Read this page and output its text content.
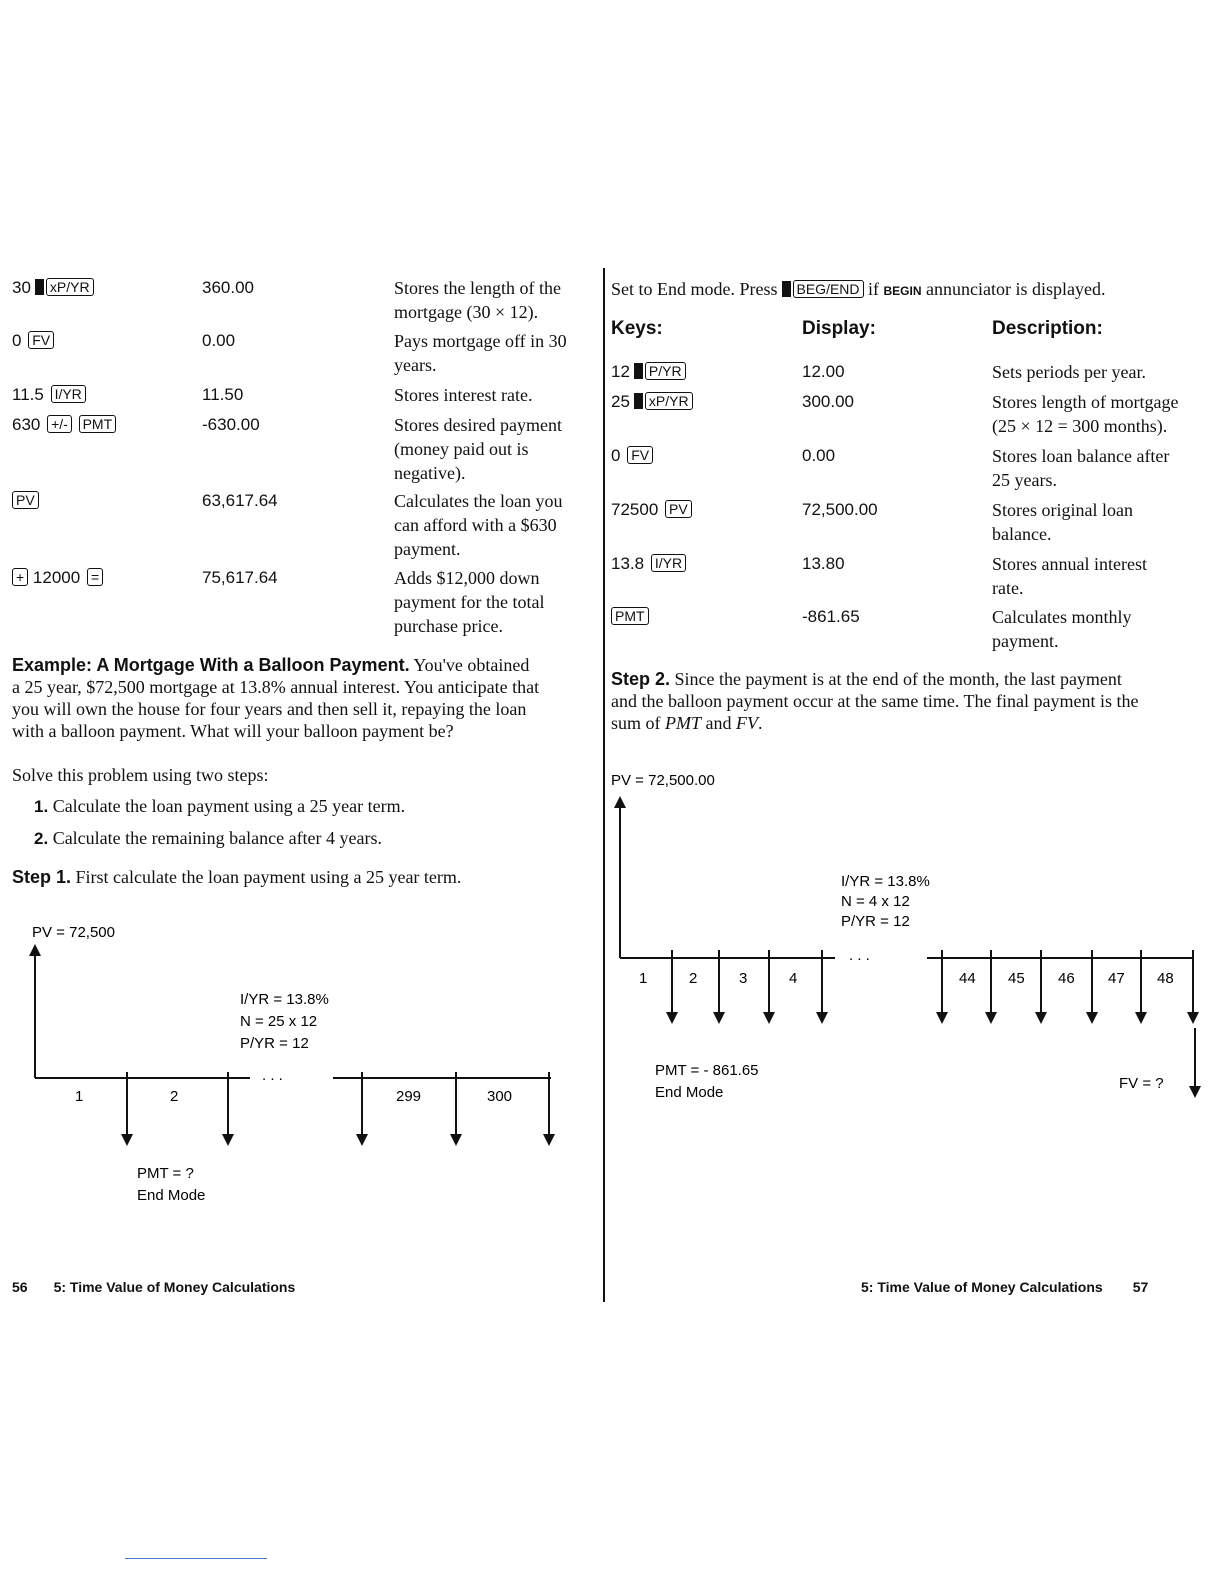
30 xP/YR	360.00	Stores the length of the
mortgage (30 × 12).
0 FV	0.00	Pays mortgage off in 30
years.
11.5 I/YR	11.50	Stores interest rate.
630 +/- PMT	-630.00	Stores desired payment
(money paid out is
negative).
PV	63,617.64	Calculates the loan you
can afford with a $630
payment.
+ 12000 =	75,617.64	Adds $12,000 down
payment for the total
purchase price.
Example: A Mortgage With a Balloon Payment. You've obtained
a 25 year, $72,500 mortgage at 13.8% annual interest. You anticipate that
you will own the house for four years and then sell it, repaying the loan
with a balloon payment. What will your balloon payment be?
Solve this problem using two steps:
1. Calculate the loan payment using a 25 year term.
2. Calculate the remaining balance after 4 years.
Step 1. First calculate the loan payment using a 25 year term.
PV = 72,500
I/YR = 13.8%
N = 25 x 12
P/YR = 12
. . .
1	2	299	300
PMT = ?
End Mode
Set to End mode. Press BEG/END if BEGIN annunciator is displayed.
Keys:	Display:	Description:
12 P/YR	12.00	Sets periods per year.
25 xP/YR	300.00	Stores length of mortgage
(25 × 12 = 300 months).
0 FV	0.00	Stores loan balance after
25 years.
72500 PV	72,500.00	Stores original loan
balance.
13.8 I/YR	13.80	Stores annual interest
rate.
PMT	-861.65	Calculates monthly
payment.
Step 2. Since the payment is at the end of the month, the last payment
and the balloon payment occur at the same time. The final payment is the
sum of PMT and FV.
PV = 72,500.00
I/YR = 13.8%
N = 4 x 12
P/YR = 12
. . .
1	2	3	4	44 45 46 47 48
PMT = - 861.65
End Mode
FV = ?
56 5: Time Value of Money Calculations	5: Time Value of Money Calculations 57
